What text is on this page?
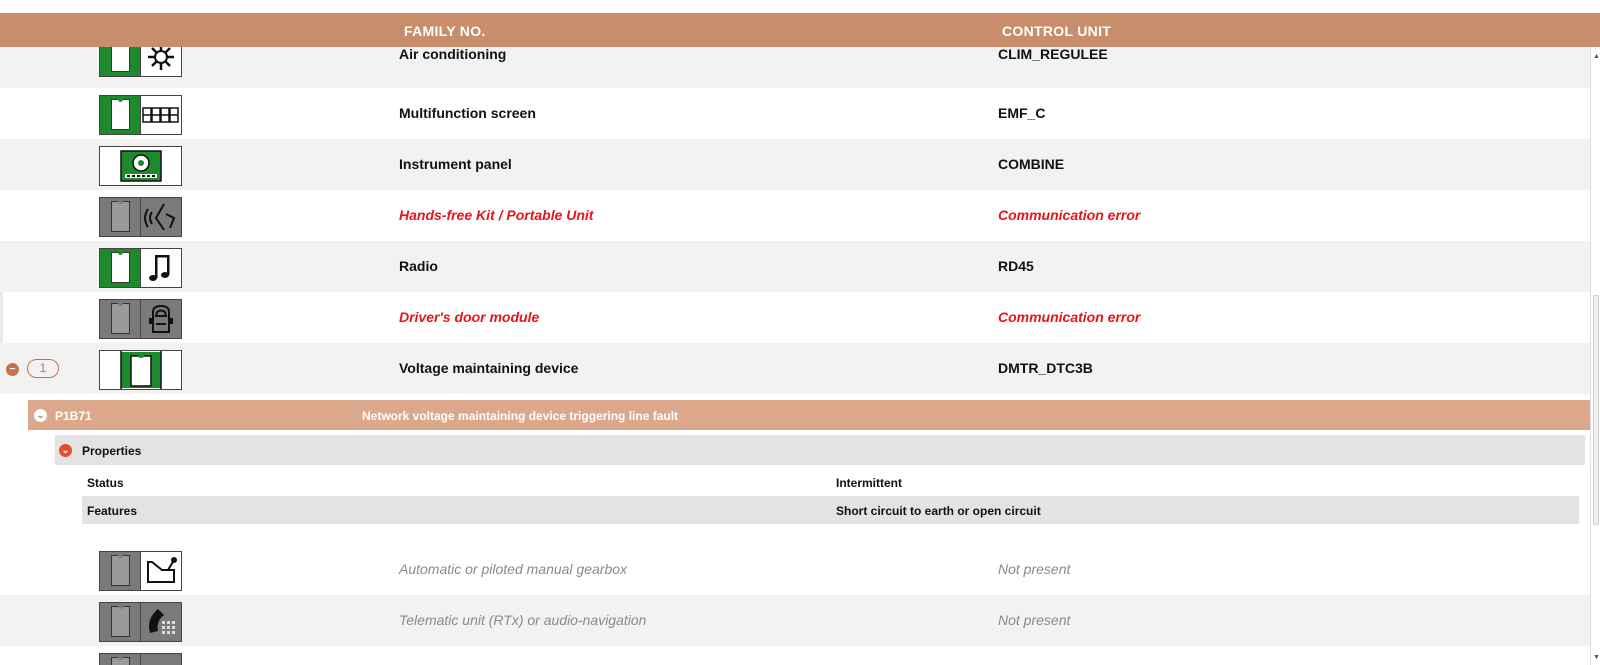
FAMILY NO.	CONTROL UNIT
Air conditioning	CLIM_REGULEE
Multifunction screen	EMF_C
Instrument panel	COMBINE
Hands-free Kit / Portable Unit	Communication error
Radio	RD45
Driver's door module	Communication error
−	1	Voltage maintaining device	DMTR_DTC3B
⌄ P1B71	Network voltage maintaining device triggering line fault
⌄ Properties
Status	Intermittent
Features	Short circuit to earth or open circuit
Automatic or piloted manual gearbox	Not present
Telematic unit (RTx) or audio-navigation	Not present
▲
▼
